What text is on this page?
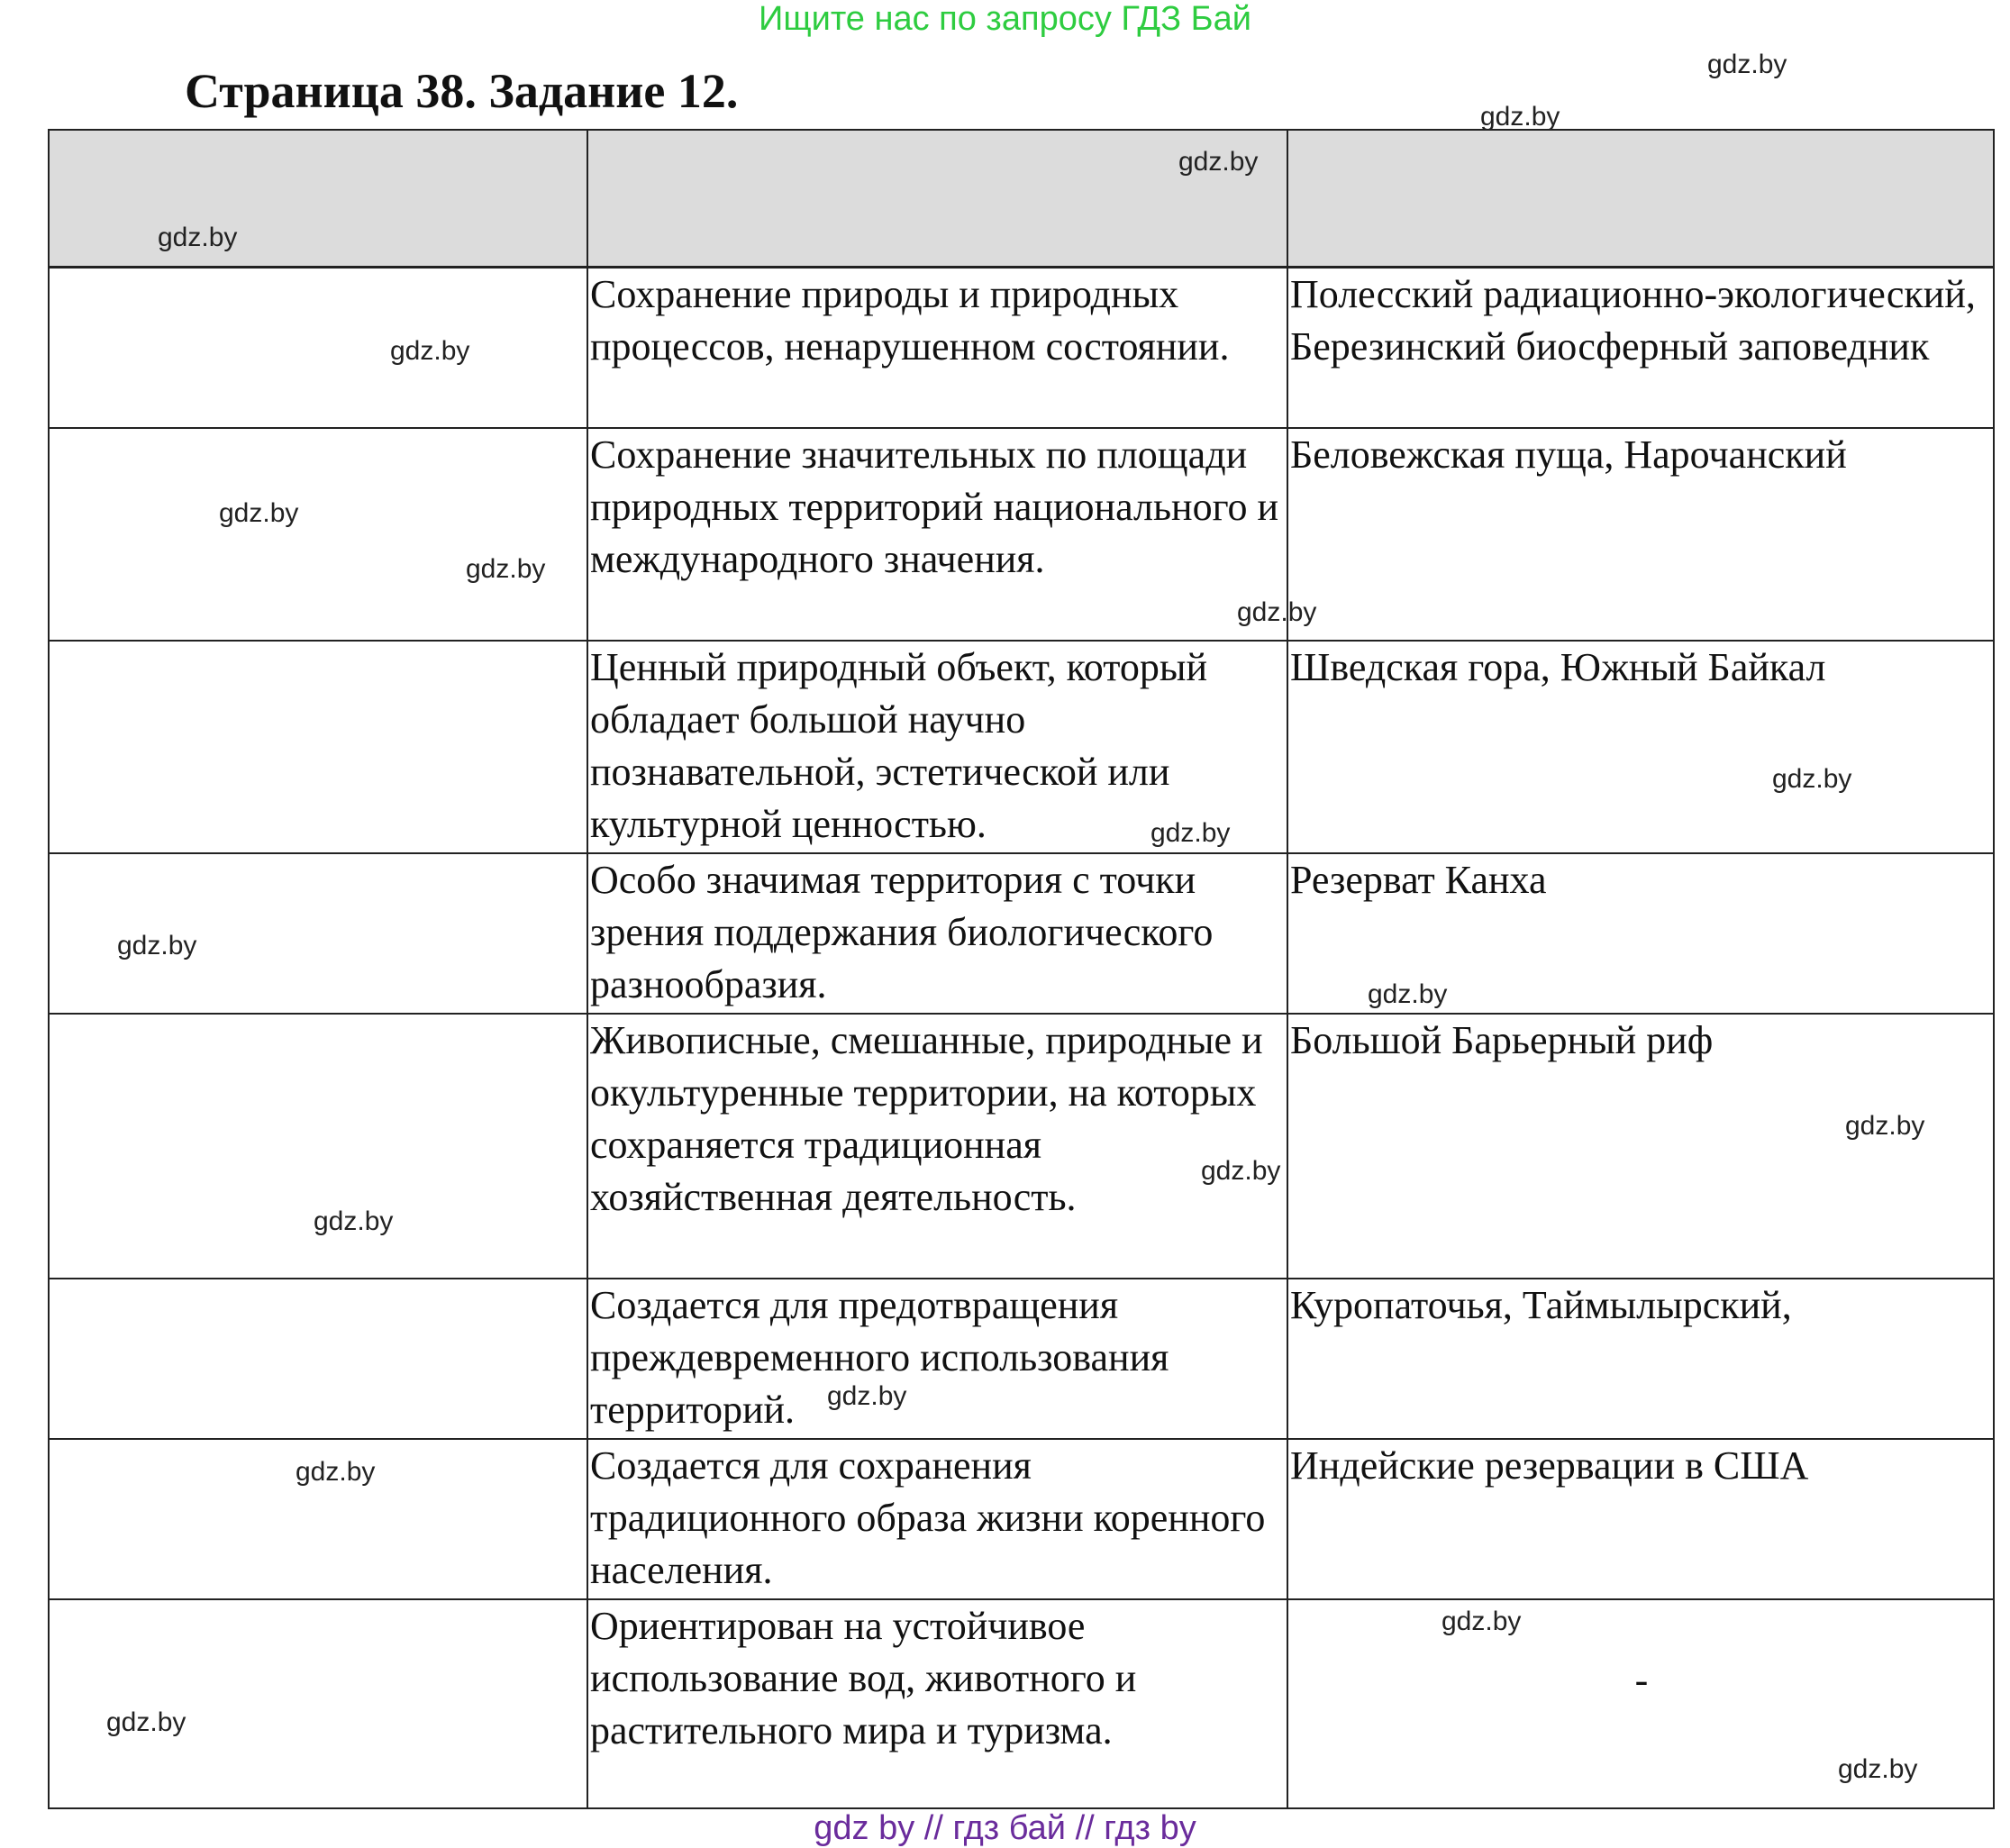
Ищите нас по запросу ГДЗ Бай
Страница 38. Задание 12.

	Сохранение природы и природных процессов, ненарушенном состоянии.	Полесский радиационно-экологический, Березинский биосферный заповедник
	Сохранение значительных по площади природных территорий национального и международного значения.	Беловежская пуща, Нарочанский
	Ценный природный объект, который обладает большой научно познавательной, эстетической или культурной ценностью.	Шведская гора, Южный Байкал
	Особо значимая территория с точки зрения поддержания биологического разнообразия.	Резерват Канха
	Живописные, смешанные, природные и окультуренные территории, на которых сохраняется традиционная хозяйственная деятельность.	Большой Барьерный риф
	Создается для предотвращения преждевременного использования территорий.	Куропаточья, Таймылырский,
	Создается для сохранения традиционного образа жизни коренного населения.	Индейские резервации в США
	Ориентирован на устойчивое использование вод, животного и растительного мира и туризма.	-
gdz.by
gdz.by
gdz.by
gdz.by
gdz.by
gdz.by
gdz.by
gdz.by
gdz.by
gdz.by
gdz.by
gdz.by
gdz.by
gdz.by
gdz.by
gdz.by
gdz.by
gdz.by
gdz.by
gdz.by
gdz by // гдз бай // гдз by
